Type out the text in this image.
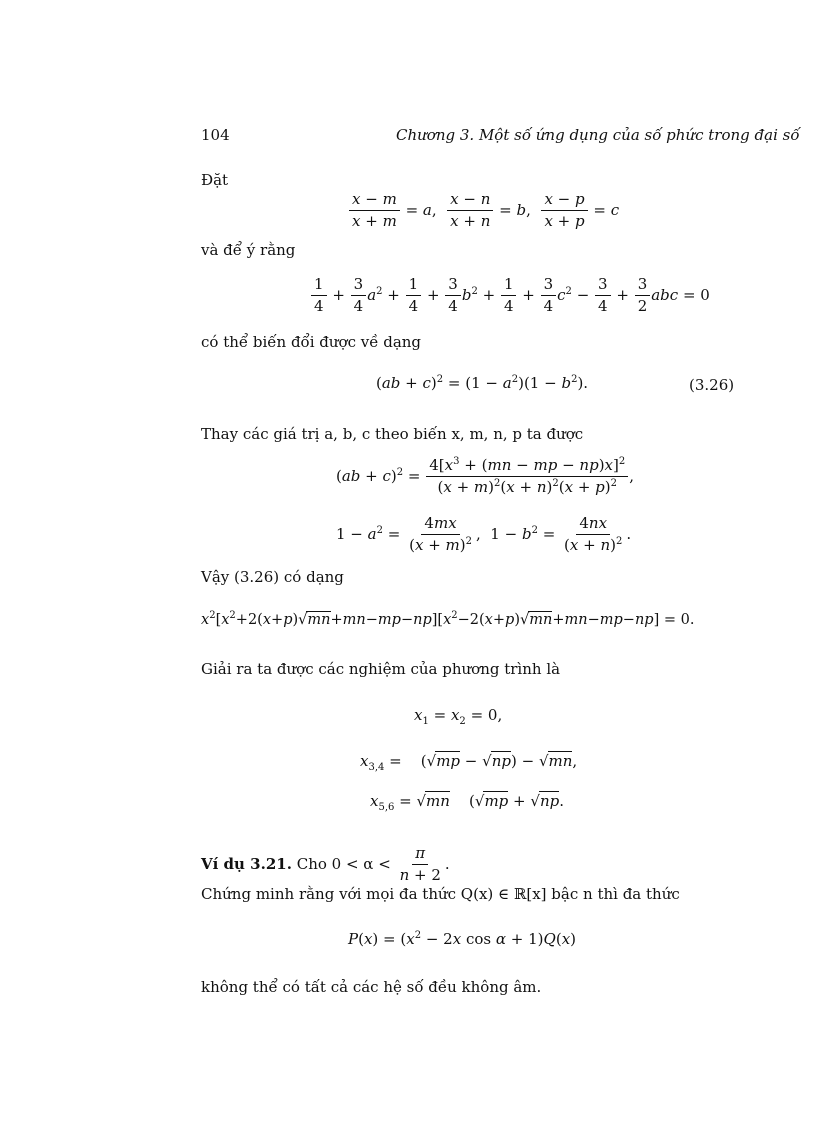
104	Chương 3. Một số ứng dụng của số phức trong đại số
Đặt
$\frac{x - m}{x + m} = a$, $\frac{x - n}{x + n} = b$, $\frac{x - p}{x + p} = c$
và để ý rằng
$\frac{1}{4} + \frac{3}{4} a^2 + \frac{1}{4} + \frac{3}{4} b^2 + \frac{1}{4} + \frac{3}{4} c^2 - \frac{3}{4} + \frac{3}{2}$ abc = 0
có thể biến đổi được về dạng
$(ab + c)^2 = (1 - a^2)(1 - b^2)$.	(3.26)
Thay các giá trị a, b, c theo biến x, m, n, p ta được
$(ab + c)^2 = \frac{4[x^3 + (mn - mp - np)x]^2}{(x + m)^2(x + n)^2(x + p)^2}$ ,
$1 - a^2 = \frac{4mx}{(x + m)^2}$ ,  $1 - b^2 = \frac{4nx}{(x + n)^2}$ .
Vậy (3.26) có dạng
$x^2[x^2+2(x+p)√mn+mn-mp-np][x^2-2(x+p)√mn+mn-mp-np] = 0$.
Giải ra ta được các nghiệm của phương trình là
$x_1 = x_2 = 0$,
$x_{3,4}$ =    (√mp − √np) − √mn,
$x_{5,6} = √mn$    (√mp + √np.
Ví dụ 3.21.
Cho 0 < α <
$\frac{\pi}{n + 2}$ .
Chứng minh rằng với mọi đa thức Q(x) ∈ ℝ[x] bậc n thì đa thức
$P(x) = (x^2 - 2x$ cos α + 1)Q(x)
không thể có tất cả các hệ số đều không âm.
